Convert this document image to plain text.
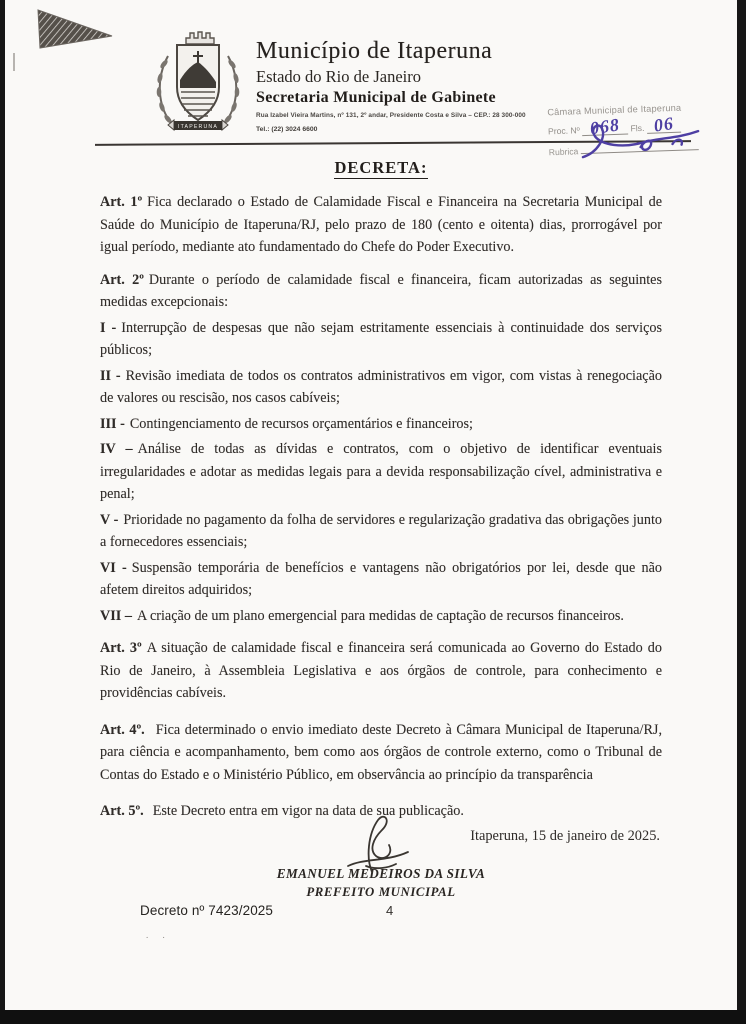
ITAPERUNA
Município de Itaperuna
Estado do Rio de Janeiro
Secretaria Municipal de Gabinete
Rua Izabel Vieira Martins, nº 131, 2º andar, Presidente Costa e Silva – CEP.: 28 300-000
Tel.: (22) 3024 6600
Câmara Municipal de Itaperuna
Proc. Nº 068 Fls. 06
Rubrica
DECRETA:

Art. 1º Fica declarado o Estado de Calamidade Fiscal e Financeira na Secretaria Municipal de Saúde do Município de Itaperuna/RJ, pelo prazo de 180 (cento e oitenta) dias, prorrogável por igual período, mediante ato fundamentado do Chefe do Poder Executivo.

Art. 2º Durante o período de calamidade fiscal e financeira, ficam autorizadas as seguintes medidas excepcionais:

I - Interrupção de despesas que não sejam estritamente essenciais à continuidade dos serviços públicos;

II - Revisão imediata de todos os contratos administrativos em vigor, com vistas à renegociação de valores ou rescisão, nos casos cabíveis;

III - Contingenciamento de recursos orçamentários e financeiros;

IV – Análise de todas as dívidas e contratos, com o objetivo de identificar eventuais irregularidades e adotar as medidas legais para a devida responsabilização cível, administrativa e penal;

V - Prioridade no pagamento da folha de servidores e regularização gradativa das obrigações junto a fornecedores essenciais;

VI - Suspensão temporária de benefícios e vantagens não obrigatórios por lei, desde que não afetem direitos adquiridos;

VII – A criação de um plano emergencial para medidas de captação de recursos financeiros.

Art. 3º A situação de calamidade fiscal e financeira será comunicada ao Governo do Estado do Rio de Janeiro, à Assembleia Legislativa e aos órgãos de controle, para conhecimento e providências cabíveis.

Art. 4º. Fica determinado o envio imediato deste Decreto à Câmara Municipal de Itaperuna/RJ, para ciência e acompanhamento, bem como aos órgãos de controle externo, como o Tribunal de Contas do Estado e o Ministério Público, em observância ao princípio da transparência

Art. 5º. Este Decreto entra em vigor na data de sua publicação.

Itaperuna, 15 de janeiro de 2025.
EMANUEL MEDEIROS DA SILVA
PREFEITO MUNICIPAL
Decreto nº 7423/2025	4
. .
